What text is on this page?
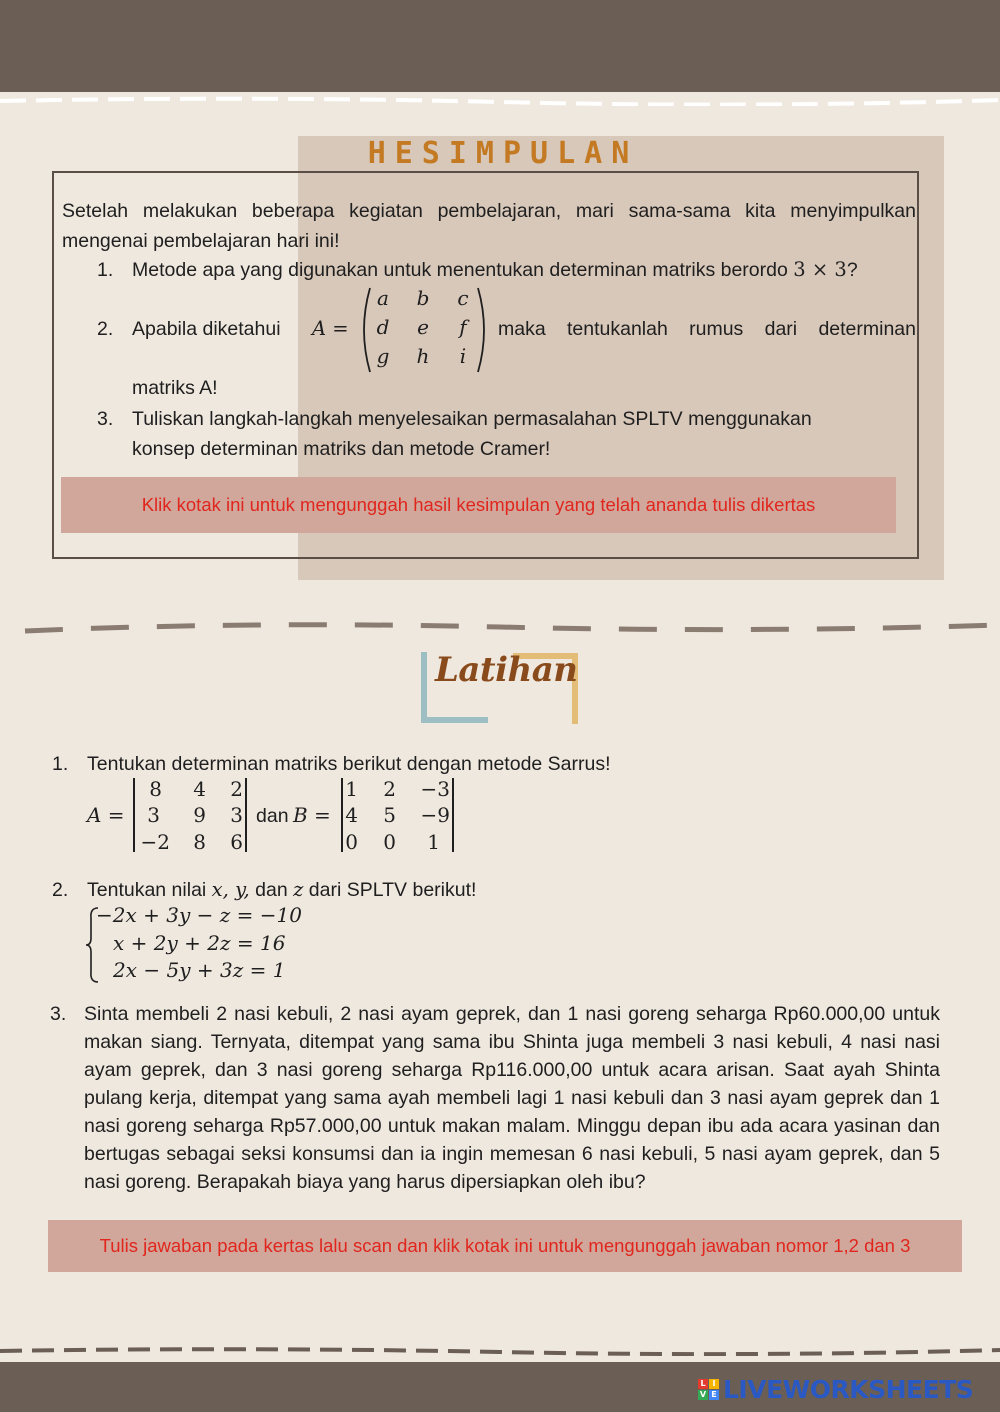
HESIMPULAN
Setelah melakukan beberapa kegiatan pembelajaran, mari sama-sama kita menyimpulkan mengenai pembelajaran hari ini!
1. Metode apa yang digunakan untuk menentukan determinan matriks berordo 3 × 3?
2. Apabila diketahui A =
a	b	c
d	e	f
g	h	i
maka tentukanlah rumus dari determinan
matriks A!
3. Tuliskan langkah-langkah menyelesaikan permasalahan SPLTV menggunakan
konsep determinan matriks dan metode Cramer!
Klik kotak ini untuk mengunggah hasil kesimpulan yang telah ananda tulis dikertas
Latihan
1. Tentukan determinan matriks berikut dengan metode Sarrus!
A =
8	4	2
3	9	3
−2	8	6
dan B =
1	2	−3
4	5	−9
0	0	1
2. Tentukan nilai x, y, dan z dari SPLTV berikut!
−2x + 3y − z = −10
x + 2y + 2z = 16
2x − 5y + 3z = 1
3. Sinta membeli 2 nasi kebuli, 2 nasi ayam geprek, dan 1 nasi goreng seharga Rp60.000,00 untuk makan siang. Ternyata, ditempat yang sama ibu Shinta juga membeli 3 nasi kebuli, 4 nasi nasi ayam geprek, dan 3 nasi goreng seharga Rp116.000,00 untuk acara arisan. Saat ayah Shinta pulang kerja, ditempat yang sama ayah membeli lagi 1 nasi kebuli dan 3 nasi ayam geprek dan 1 nasi goreng seharga Rp57.000,00 untuk makan malam. Minggu depan ibu ada acara yasinan dan bertugas sebagai seksi konsumsi dan ia ingin memesan 6 nasi kebuli, 5 nasi ayam geprek, dan 5 nasi goreng. Berapakah biaya yang harus dipersiapkan oleh ibu?
Tulis jawaban pada kertas lalu scan dan klik kotak ini untuk mengunggah jawaban nomor 1,2 dan 3
L I
V E LIVEWORKSHEETS
